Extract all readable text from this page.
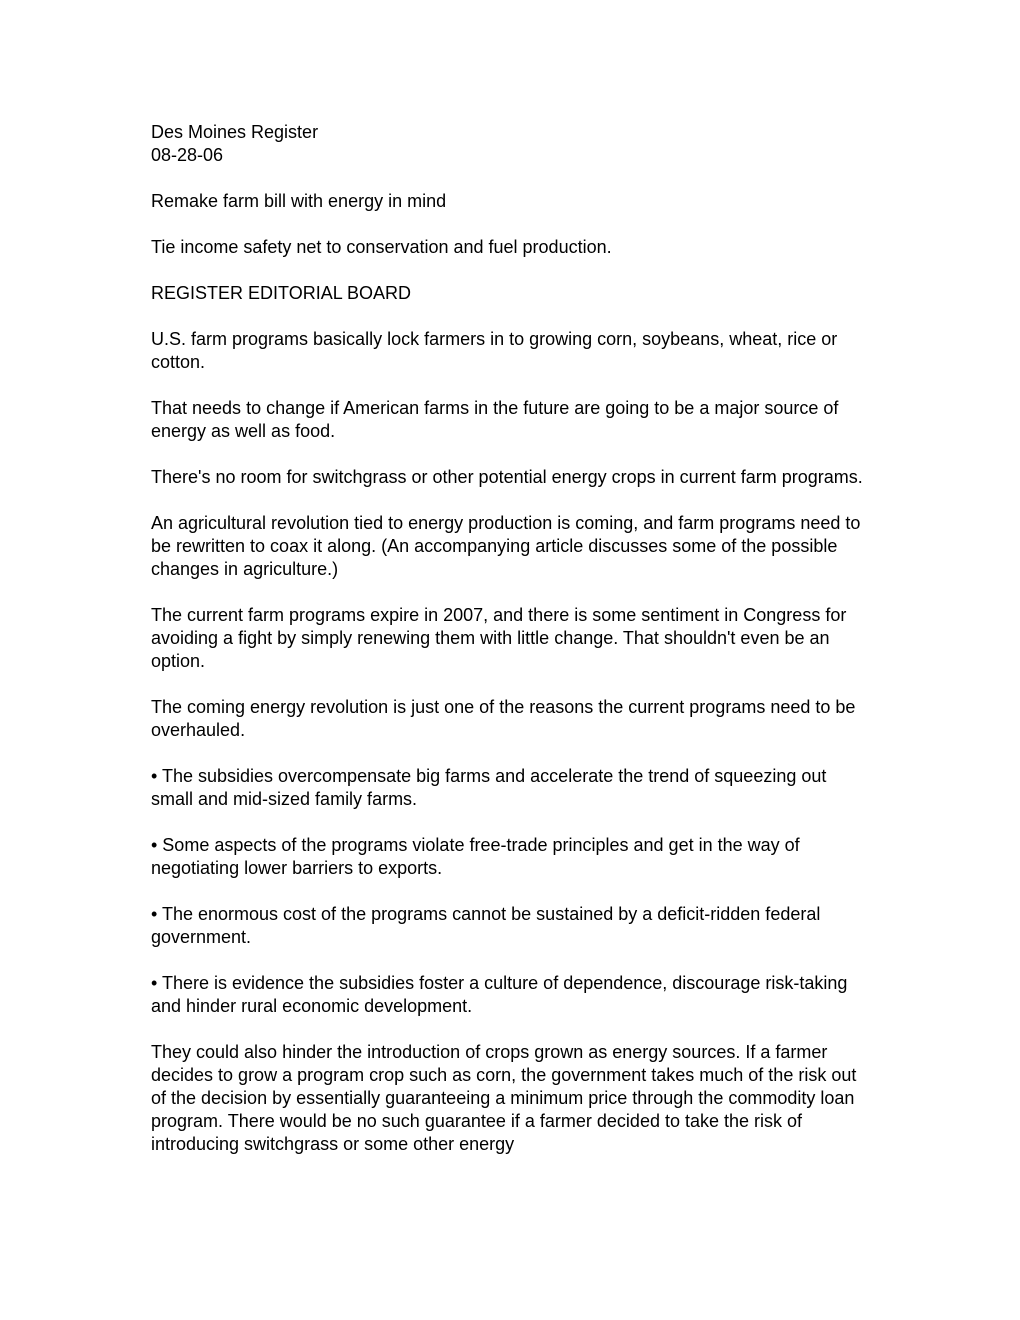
Des Moines Register

08-28-06

Remake farm bill with energy in mind

Tie income safety net to conservation and fuel production.

REGISTER EDITORIAL BOARD

U.S. farm programs basically lock farmers in to growing corn, soybeans, wheat, rice or cotton.

That needs to change if American farms in the future are going to be a major source of energy as well as food.

There's no room for switchgrass or other potential energy crops in current farm programs.

An agricultural revolution tied to energy production is coming, and farm programs need to be rewritten to coax it along. (An accompanying article discusses some of the possible changes in agriculture.)

The current farm programs expire in 2007, and there is some sentiment in Congress for avoiding a fight by simply renewing them with little change. That shouldn't even be an option.

The coming energy revolution is just one of the reasons the current programs need to be overhauled.

• The subsidies overcompensate big farms and accelerate the trend of squeezing out small and mid-sized family farms.

• Some aspects of the programs violate free-trade principles and get in the way of negotiating lower barriers to exports.

• The enormous cost of the programs cannot be sustained by a deficit-ridden federal government.

• There is evidence the subsidies foster a culture of dependence, discourage risk-taking and hinder rural economic development.

They could also hinder the introduction of crops grown as energy sources. If a farmer decides to grow a program crop such as corn, the government takes much of the risk out of the decision by essentially guaranteeing a minimum price through the commodity loan program. There would be no such guarantee if a farmer decided to take the risk of introducing switchgrass or some other energy
